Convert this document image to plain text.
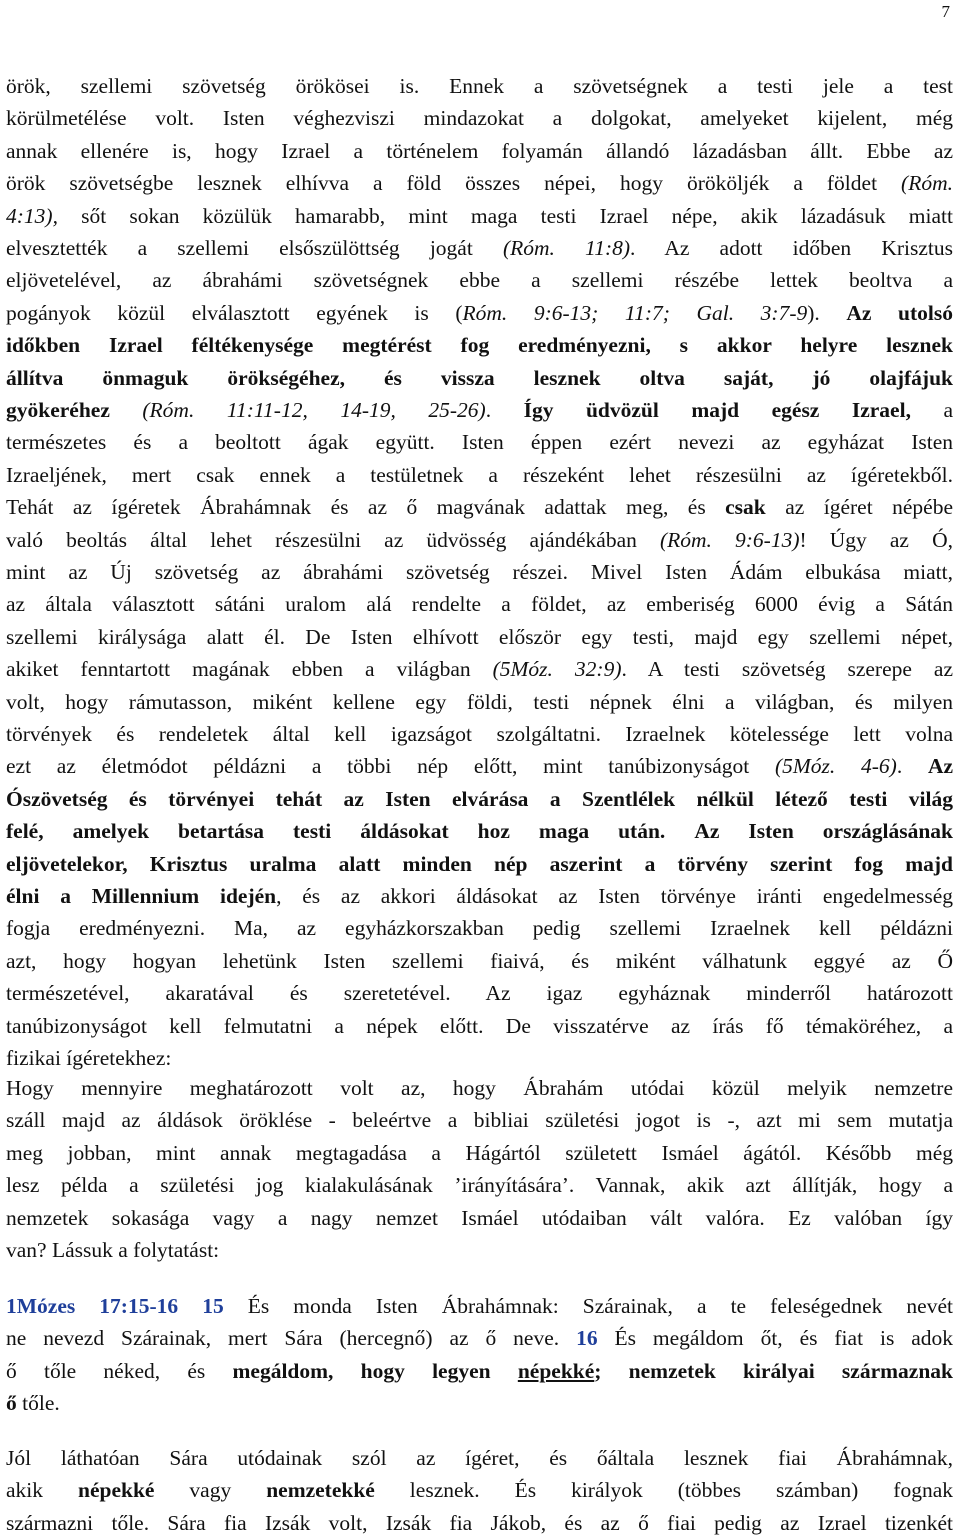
7
örök, szellemi szövetség örökösei is. Ennek a szövetségnek a testi jele a test
körülmetélése volt. Isten véghezviszi mindazokat a dolgokat, amelyeket kijelent, még
annak ellenére is, hogy Izrael a történelem folyamán állandó lázadásban állt. Ebbe az
örök szövetségbe lesznek elhívva a föld összes népei, hogy örököljék a földet (Róm.
4:13), sőt sokan közülük hamarabb, mint maga testi Izrael népe, akik lázadásuk miatt
elvesztették a szellemi elsőszülöttség jogát (Róm. 11:8). Az adott időben Krisztus
eljövetelével, az ábrahámi szövetségnek ebbe a szellemi részébe lettek beoltva a
pogányok közül elválasztott egyének is (Róm. 9:6-13; 11:7; Gal. 3:7-9). Az utolsó
időkben Izrael féltékenysége megtérést fog eredményezni, s akkor helyre lesznek
állítva önmaguk örökségéhez, és vissza lesznek oltva saját, jó olajfájuk
gyökeréhez (Róm. 11:11-12, 14-19, 25-26). Így üdvözül majd egész Izrael, a
természetes és a beoltott ágak együtt. Isten éppen ezért nevezi az egyházat Isten
Izraeljének, mert csak ennek a testületnek a részeként lehet részesülni az ígéretekből.
Tehát az ígéretek Ábrahámnak és az ő magvának adattak meg, és csak az ígéret népébe
való beoltás által lehet részesülni az üdvösség ajándékában (Róm. 9:6-13)! Úgy az Ó,
mint az Új szövetség az ábrahámi szövetség részei. Mivel Isten Ádám elbukása miatt,
az általa választott sátáni uralom alá rendelte a földet, az emberiség 6000 évig a Sátán
szellemi királysága alatt él. De Isten elhívott először egy testi, majd egy szellemi népet,
akiket fenntartott magának ebben a világban (5Móz. 32:9). A testi szövetség szerepe az
volt, hogy rámutasson, miként kellene egy földi, testi népnek élni a világban, és milyen
törvények és rendeletek által kell igazságot szolgáltatni. Izraelnek kötelessége lett volna
ezt az életmódot példázni a többi nép előtt, mint tanúbizonyságot (5Móz. 4-6). Az
Ószövetség és törvényei tehát az Isten elvárása a Szentlélek nélkül létező testi világ
felé, amelyek betartása testi áldásokat hoz maga után. Az Isten országlásának
eljövetelekor, Krisztus uralma alatt minden nép aszerint a törvény szerint fog majd
élni a Millennium idején, és az akkori áldásokat az Isten törvénye iránti engedelmesség
fogja eredményezni. Ma, az egyházkorszakban pedig szellemi Izraelnek kell példázni
azt, hogy hogyan lehetünk Isten szellemi fiaivá, és miként válhatunk eggyé az Ő
természetével, akaratával és szeretetével. Az igaz egyháznak minderről határozott
tanúbizonyságot kell felmutatni a népek előtt. De visszatérve az írás fő témaköréhez, a
fizikai ígéretekhez:
Hogy mennyire meghatározott volt az, hogy Ábrahám utódai közül melyik nemzetre
száll majd az áldások öröklése - beleértve a bibliai születési jogot is -, azt mi sem mutatja
meg jobban, mint annak megtagadása a Hágártól született Ismáel ágától. Később még
lesz példa a születési jog kialakulásának ’irányítására’. Vannak, akik azt állítják, hogy a
nemzetek sokasága vagy a nagy nemzet Ismáel utódaiban vált valóra. Ez valóban így
van? Lássuk a folytatást:
1Mózes 17:15-16 15 És monda Isten Ábrahámnak: Szárainak, a te feleségednek nevét
ne nevezd Szárainak, mert Sára (hercegnő) az ő neve. 16 És megáldom őt, és fiat is adok
ő tőle néked, és megáldom, hogy legyen népekké; nemzetek királyai származnak
ő tőle.
Jól láthatóan Sára utódainak szól az ígéret, és őáltala lesznek fiai Ábrahámnak,
akik népekké vagy nemzetekké lesznek. És királyok (többes számban) fognak
származni tőle. Sára fia Izsák volt, Izsák fia Jákob, és az ő fiai pedig az Izrael tizenkét
